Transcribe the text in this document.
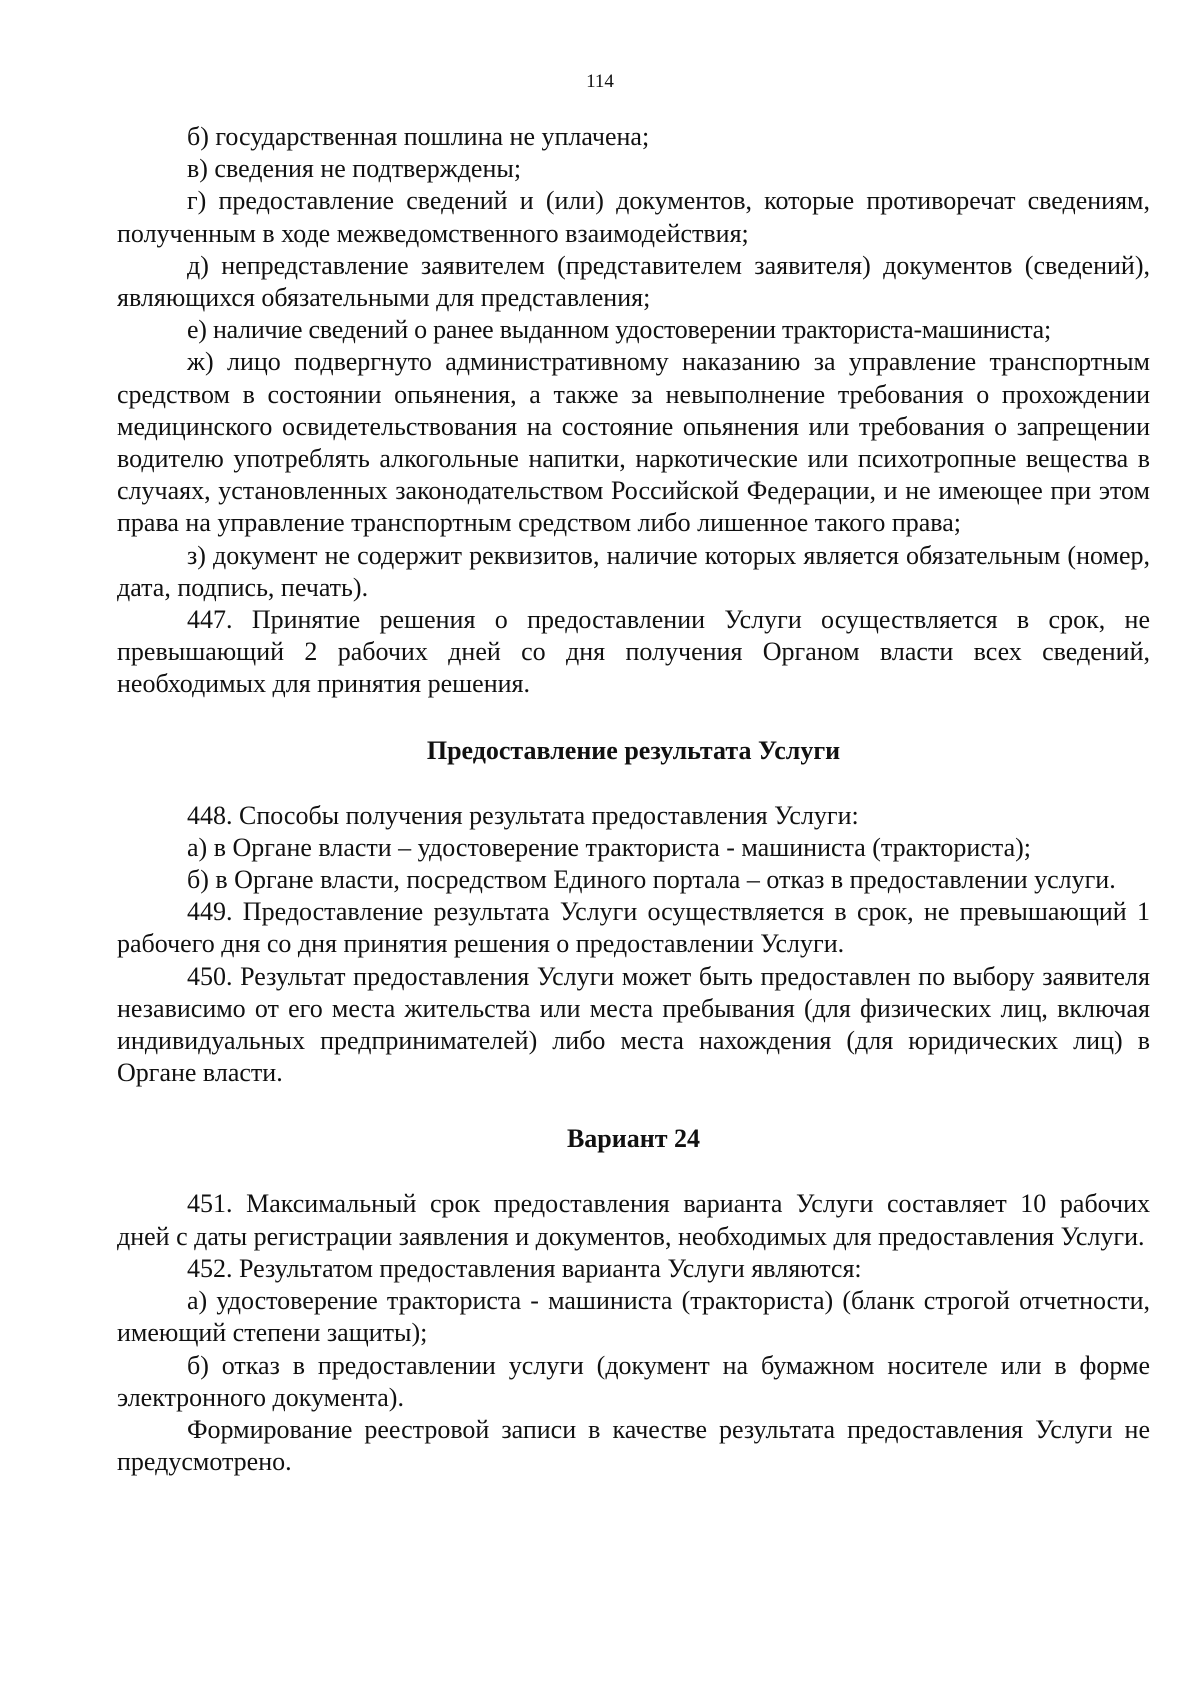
114

б) государственная пошлина не уплачена;

в) сведения не подтверждены;

г) предоставление сведений и (или) документов, которые противоречат сведениям, полученным в ходе межведомственного взаимодействия;

д) непредставление заявителем (представителем заявителя) документов (сведений), являющихся обязательными для представления;

е) наличие сведений о ранее выданном удостоверении тракториста-машиниста;

ж) лицо подвергнуто административному наказанию за управление транспортным средством в состоянии опьянения, а также за невыполнение требования о прохождении медицинского освидетельствования на состояние опьянения или требования о запрещении водителю употреблять алкогольные напитки, наркотические или психотропные вещества в случаях, установленных законодательством Российской Федерации, и не имеющее при этом права на управление транспортным средством либо лишенное такого права;

з) документ не содержит реквизитов, наличие которых является обязательным (номер, дата, подпись, печать).

447. Принятие решения о предоставлении Услуги осуществляется в срок, не превышающий 2 рабочих дней со дня получения Органом власти всех сведений, необходимых для принятия решения.

Предоставление результата Услуги

448. Способы получения результата предоставления Услуги:

а) в Органе власти – удостоверение тракториста - машиниста (тракториста);

б) в Органе власти, посредством Единого портала – отказ в предоставлении услуги.

449. Предоставление результата Услуги осуществляется в срок, не превышающий 1 рабочего дня со дня принятия решения о предоставлении Услуги.

450. Результат предоставления Услуги может быть предоставлен по выбору заявителя независимо от его места жительства или места пребывания (для физических лиц, включая индивидуальных предпринимателей) либо места нахождения (для юридических лиц) в Органе власти.

Вариант 24

451. Максимальный срок предоставления варианта Услуги составляет 10 рабочих дней с даты регистрации заявления и документов, необходимых для предоставления Услуги.

452. Результатом предоставления варианта Услуги являются:

а) удостоверение тракториста - машиниста (тракториста) (бланк строгой отчетности, имеющий степени защиты);

б) отказ в предоставлении услуги (документ на бумажном носителе или в форме электронного документа).

Формирование реестровой записи в качестве результата предоставления Услуги не предусмотрено.
